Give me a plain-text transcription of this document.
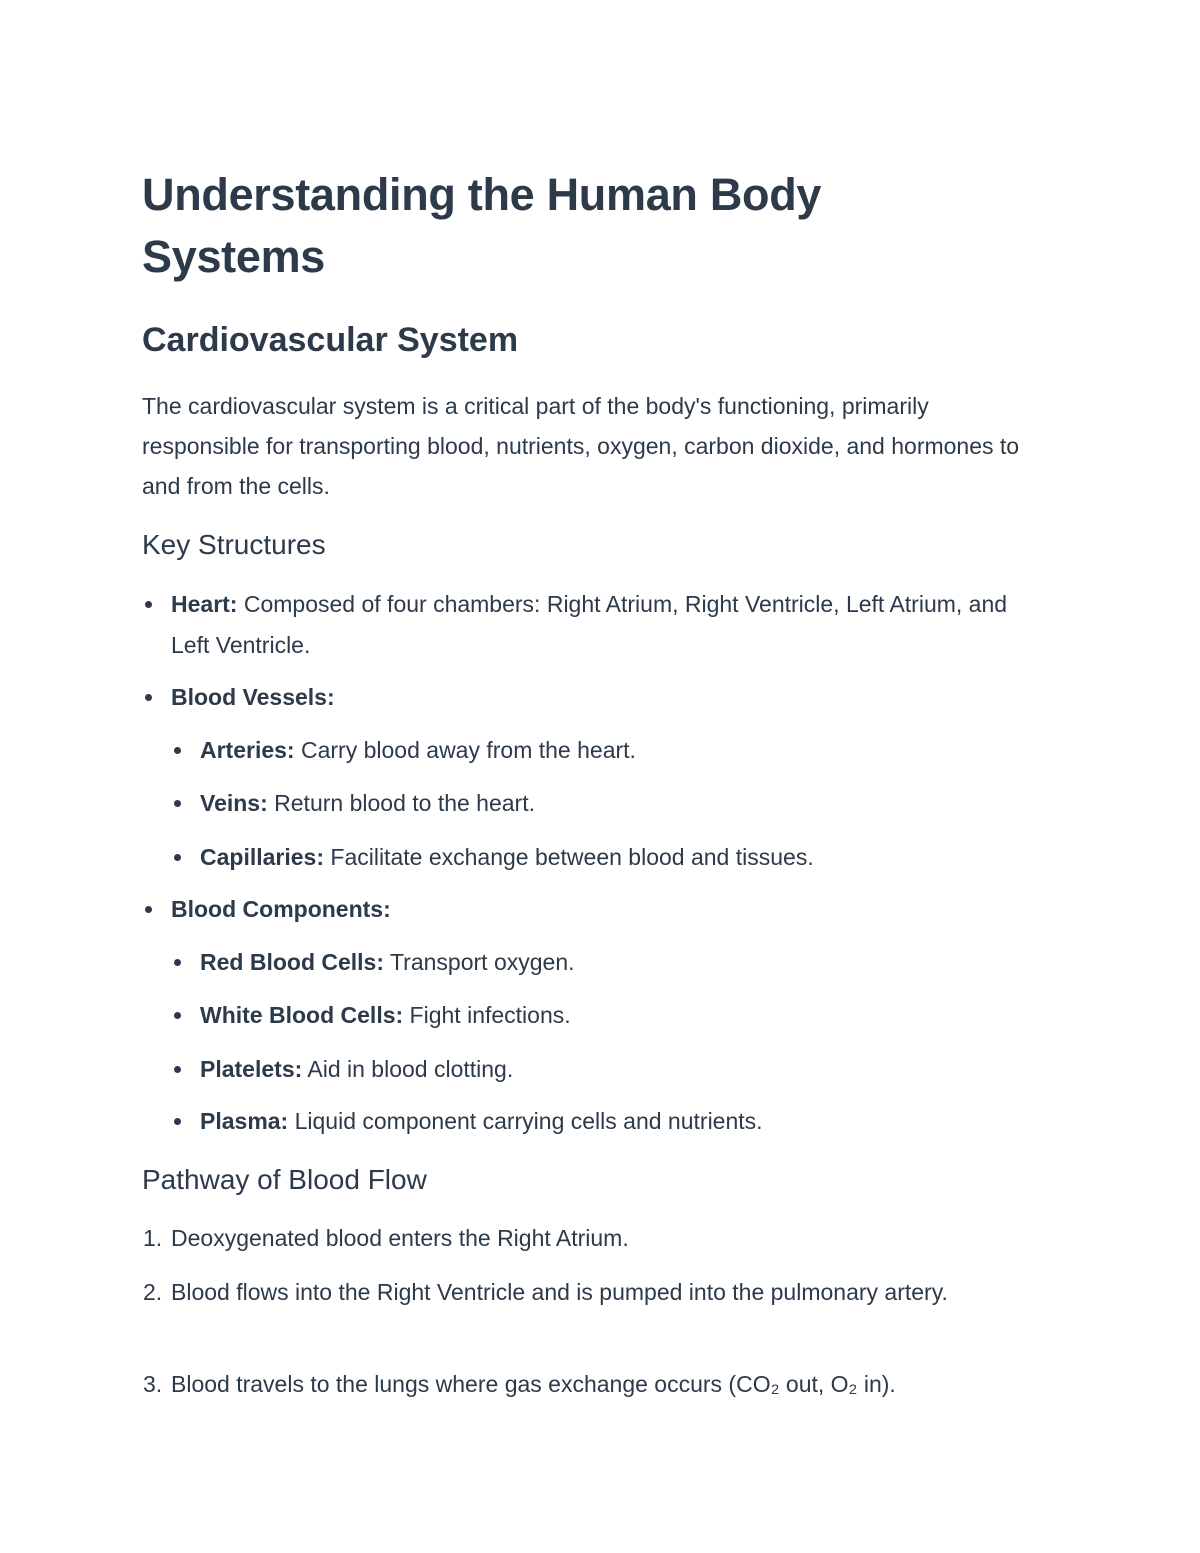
Understanding the Human Body Systems
Cardiovascular System

The cardiovascular system is a critical part of the body's functioning, primarily responsible for transporting blood, nutrients, oxygen, carbon dioxide, and hormones to and from the cells.

Key Structures
Heart: Composed of four chambers: Right Atrium, Right Ventricle, Left Atrium, and Left Ventricle.
Blood Vessels:
Arteries: Carry blood away from the heart.
Veins: Return blood to the heart.
Capillaries: Facilitate exchange between blood and tissues.
Blood Components:
Red Blood Cells: Transport oxygen.
White Blood Cells: Fight infections.
Platelets: Aid in blood clotting.
Plasma: Liquid component carrying cells and nutrients.
Pathway of Blood Flow
1. Deoxygenated blood enters the Right Atrium.
2. Blood flows into the Right Ventricle and is pumped into the pulmonary artery.
3. Blood travels to the lungs where gas exchange occurs (CO₂ out, O₂ in).
